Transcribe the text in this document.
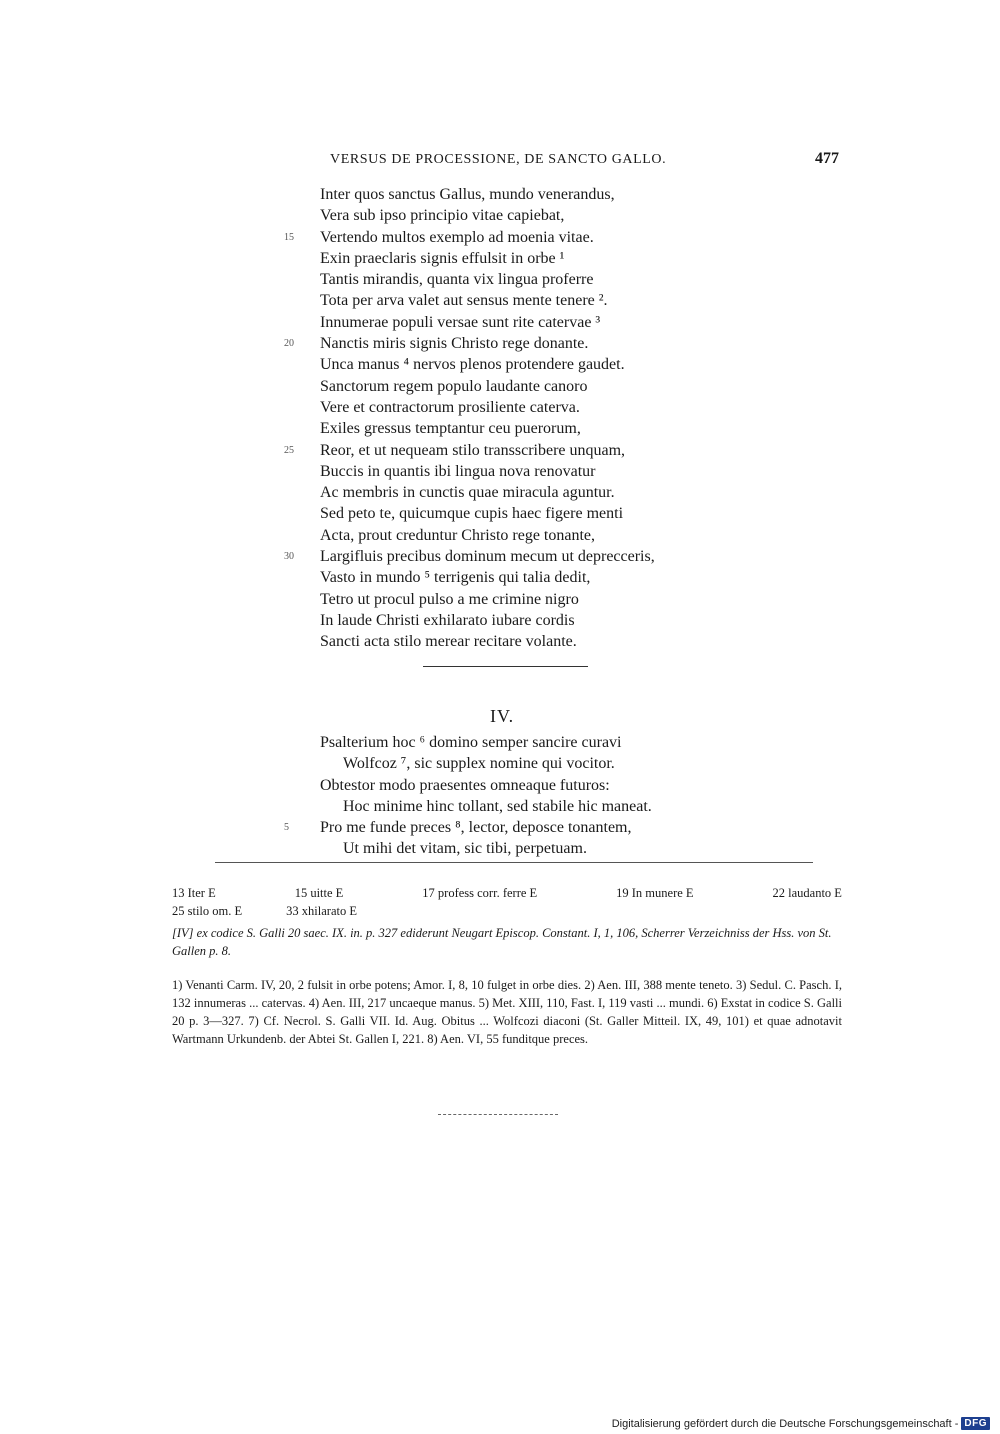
VERSUS DE PROCESSIONE, DE SANCTO GALLO.	477
Inter quos sanctus Gallus, mundo venerandus,
Vera sub ipso principio vitae capiebat,
15 Vertendo multos exemplo ad moenia vitae.
Exin praeclaris signis effulsit in orbe ¹
Tantis mirandis, quanta vix lingua proferre
Tota per arva valet aut sensus mente tenere ².
Innumerae populi versae sunt rite catervae ³
20 Nanctis miris signis Christo rege donante.
Unca manus ⁴ nervos plenos protendere gaudet.
Sanctorum regem populo laudante canoro
Vere et contractorum prosiliente caterva.
Exiles gressus temptantur ceu puerorum,
25 Reor, et ut nequeam stilo transscribere unquam,
Buccis in quantis ibi lingua nova renovatur
Ac membris in cunctis quae miracula aguntur.
Sed peto te, quicumque cupis haec figere menti
Acta, prout creduntur Christo rege tonante,
30 Largifluis precibus dominum mecum ut deprecceris,
Vasto in mundo ⁵ terrigenis qui talia dedit,
Tetro ut procul pulso a me crimine nigro
In laude Christi exhilarato iubare cordis
Sancti acta stilo merear recitare volante.
IV.
Psalterium hoc ⁶ domino semper sancire curavi
Wolfcoz ⁷, sic supplex nomine qui vocitor.
Obtestor modo praesentes omneaque futuros:
Hoc minime hinc tollant, sed stabile hic maneat.
5 Pro me funde preces ⁸, lector, deposce tonantem,
Ut mihi det vitam, sic tibi, perpetuam.
13 Iter E	15 uitte E	17 profess corr. ferre E	19 In munere E	22 laudanto E
25 stilo om. E	33 xhilarato E
[IV] ex codice S. Galli 20 saec. IX. in. p. 327 ediderunt Neugart Episcop. Constant. I, 1, 106, Scherrer Verzeichniss der Hss. von St. Gallen p. 8.
1) Venanti Carm. IV, 20, 2 fulsit in orbe potens; Amor. I, 8, 10 fulget in orbe dies. 2) Aen. III, 388 mente teneto. 3) Sedul. C. Pasch. I, 132 innumeras ... catervas. 4) Aen. III, 217 uncaeque manus. 5) Met. XIII, 110, Fast. I, 119 vasti ... mundi. 6) Exstat in codice S. Galli 20 p. 3—327. 7) Cf. Necrol. S. Galli VII. Id. Aug. Obitus ... Wolfcozi diaconi (St. Galler Mitteil. IX, 49, 101) et quae adnotavit Wartmann Urkundenb. der Abtei St. Gallen I, 221. 8) Aen. VI, 55 funditque preces.
Digitalisierung gefördert durch die Deutsche Forschungsgemeinschaft - DFG
